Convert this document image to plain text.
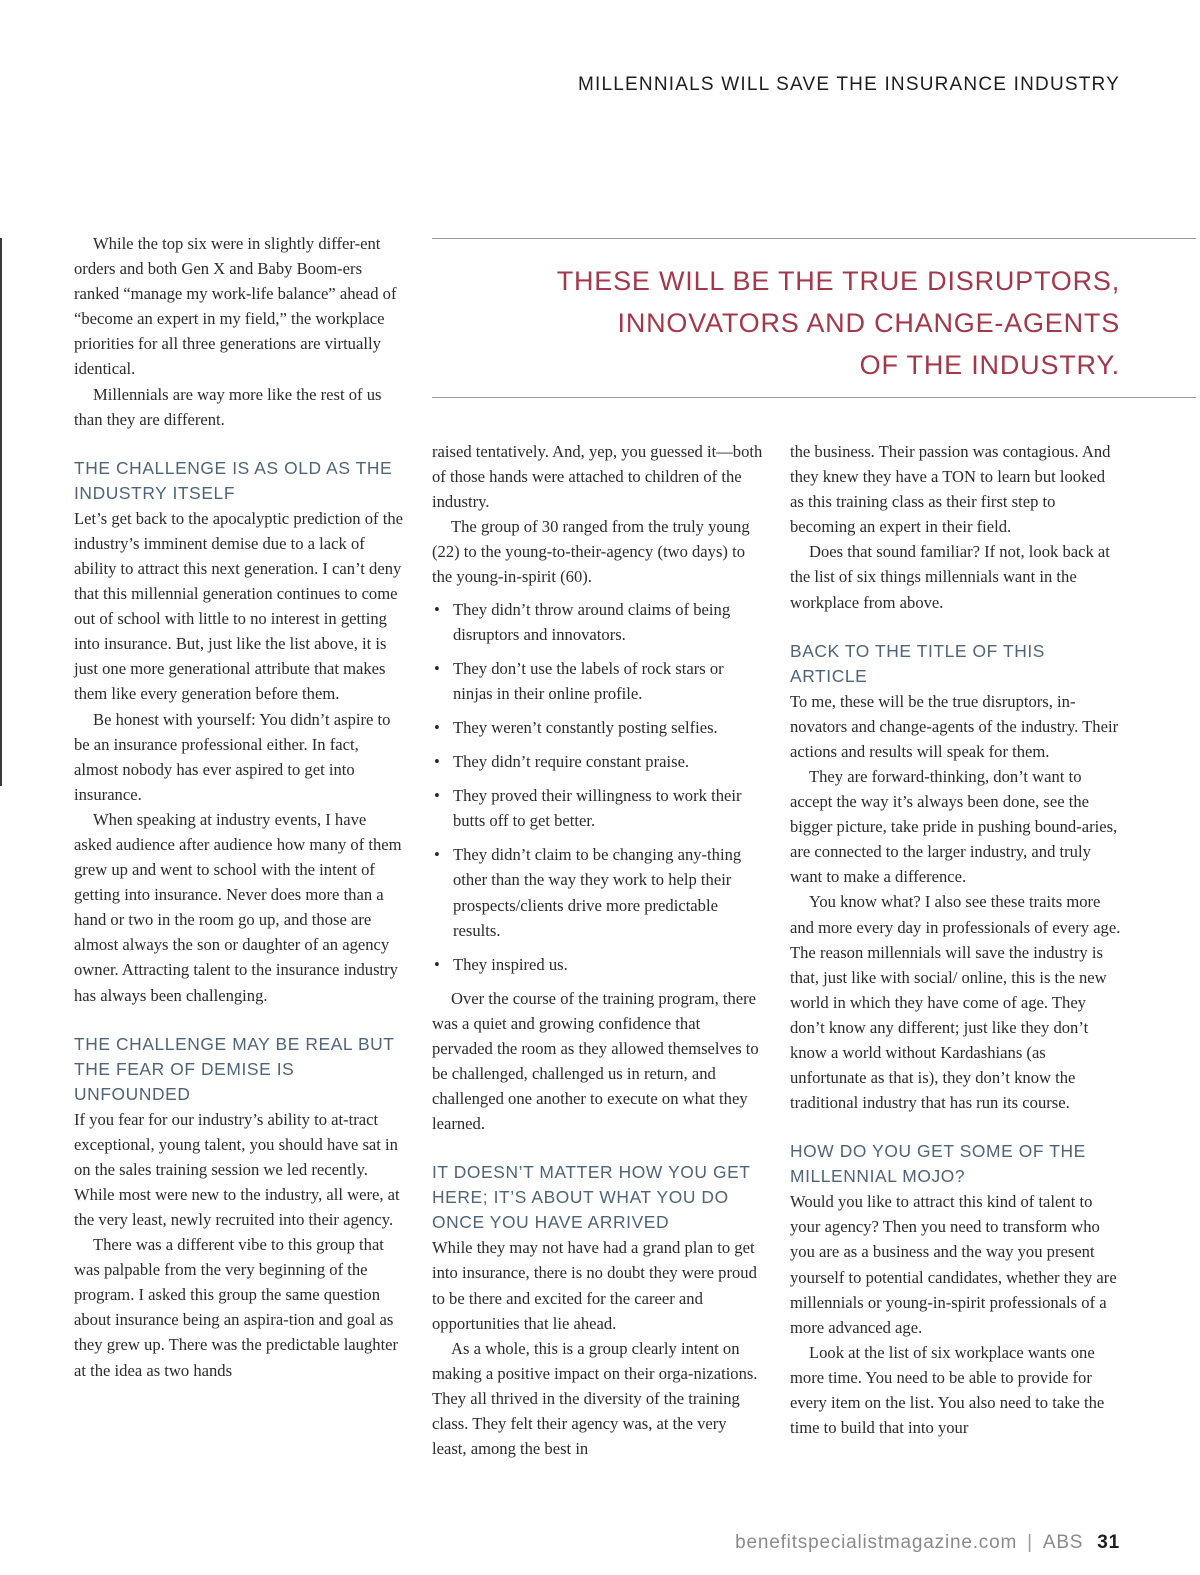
MILLENNIALS WILL SAVE THE INSURANCE INDUSTRY

While the top six were in slightly differ-ent orders and both Gen X and Baby Boom-ers ranked “manage my work-life balance” ahead of “become an expert in my field,” the workplace priorities for all three generations are virtually identical.

Millennials are way more like the rest of us than they are different.

THE CHALLENGE IS AS OLD AS THE INDUSTRY ITSELF

Let’s get back to the apocalyptic prediction of the industry’s imminent demise due to a lack of ability to attract this next generation. I can’t deny that this millennial generation continues to come out of school with little to no interest in getting into insurance. But, just like the list above, it is just one more generational attribute that makes them like every generation before them.

Be honest with yourself: You didn’t aspire to be an insurance professional either. In fact, almost nobody has ever aspired to get into insurance.

When speaking at industry events, I have asked audience after audience how many of them grew up and went to school with the intent of getting into insurance. Never does more than a hand or two in the room go up, and those are almost always the son or daughter of an agency owner. Attracting talent to the insurance industry has always been challenging.

THE CHALLENGE MAY BE REAL BUT THE FEAR OF DEMISE IS UNFOUNDED

If you fear for our industry’s ability to at-tract exceptional, young talent, you should have sat in on the sales training session we led recently. While most were new to the industry, all were, at the very least, newly recruited into their agency.

There was a different vibe to this group that was palpable from the very beginning of the program. I asked this group the same question about insurance being an aspira-tion and goal as they grew up. There was the predictable laughter at the idea as two hands

THESE WILL BE THE TRUE DISRUPTORS,
INNOVATORS AND CHANGE-AGENTS
OF THE INDUSTRY.

raised tentatively. And, yep, you guessed it—both of those hands were attached to children of the industry.

The group of 30 ranged from the truly young (22) to the young-to-their-agency (two days) to the young-in-spirit (60).

• They didn’t throw around claims of being disruptors and innovators.
• They don’t use the labels of rock stars or ninjas in their online profile.
• They weren’t constantly posting selfies.
• They didn’t require constant praise.
• They proved their willingness to work their butts off to get better.
• They didn’t claim to be changing any-thing other than the way they work to help their prospects/clients drive more predictable results.
• They inspired us.

Over the course of the training program, there was a quiet and growing confidence that pervaded the room as they allowed themselves to be challenged, challenged us in return, and challenged one another to execute on what they learned.

IT DOESN’T MATTER HOW YOU GET HERE; IT’S ABOUT WHAT YOU DO ONCE YOU HAVE ARRIVED

While they may not have had a grand plan to get into insurance, there is no doubt they were proud to be there and excited for the career and opportunities that lie ahead.

As a whole, this is a group clearly intent on making a positive impact on their orga-nizations. They all thrived in the diversity of the training class. They felt their agency was, at the very least, among the best in

the business. Their passion was contagious. And they knew they have a TON to learn but looked as this training class as their first step to becoming an expert in their field.

Does that sound familiar? If not, look back at the list of six things millennials want in the workplace from above.

BACK TO THE TITLE OF THIS ARTICLE

To me, these will be the true disruptors, in-novators and change-agents of the industry. Their actions and results will speak for them.

They are forward-thinking, don’t want to accept the way it’s always been done, see the bigger picture, take pride in pushing bound-aries, are connected to the larger industry, and truly want to make a difference.

You know what? I also see these traits more and more every day in professionals of every age. The reason millennials will save the industry is that, just like with social/ online, this is the new world in which they have come of age. They don’t know any different; just like they don’t know a world without Kardashians (as unfortunate as that is), they don’t know the traditional industry that has run its course.

HOW DO YOU GET SOME OF THE MILLENNIAL MOJO?

Would you like to attract this kind of talent to your agency? Then you need to transform who you are as a business and the way you present yourself to potential candidates, whether they are millennials or young-in-spirit professionals of a more advanced age.

Look at the list of six workplace wants one more time. You need to be able to provide for every item on the list. You also need to take the time to build that into your

benefitspecialistmagazine.com | ABS 31
